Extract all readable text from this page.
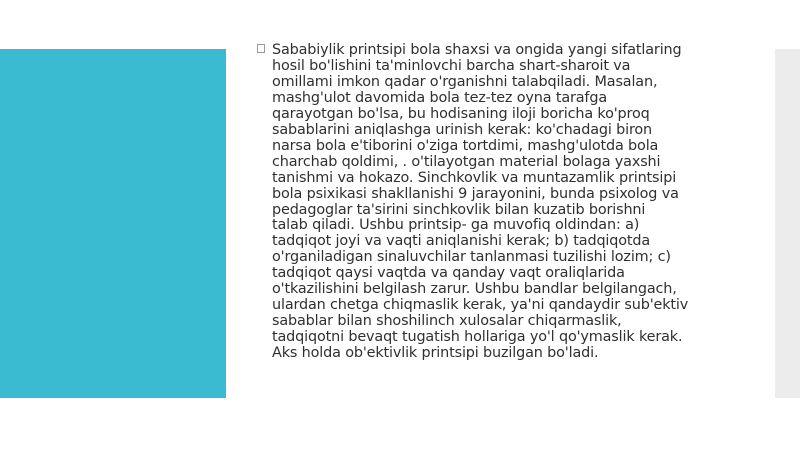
Sababiylik printsipi bola shaxsi va ongida yangi sifatlaring
hosil bo'lishini ta'minlovchi barcha shart-sharoit va
omillami imkon qadar o'rganishni talabqiladi. Masalan,
mashg'ulot davomida bola tez-tez oyna tarafga
qarayotgan bo'lsa, bu hodisaning iloji boricha ko'proq
sabablarini aniqlashga urinish kerak: ko'chadagi biron
narsa bola e'tiborini o'ziga tortdimi, mashg'ulotda bola
charchab qoldimi, . o'tilayotgan material bolaga yaxshi
tanishmi va hokazo. Sinchkovlik va muntazamlik printsipi
bola psixikasi shakllanishi 9 jarayonini, bunda psixolog va
pedagoglar ta'sirini sinchkovlik bilan kuzatib borishni
talab qiladi. Ushbu printsip- ga muvofiq oldindan: a)
tadqiqot joyi va vaqti aniqlanishi kerak; b) tadqiqotda
o'rganiladigan sinaluvchilar tanlanmasi tuzilishi lozim; c)
tadqiqot qaysi vaqtda va qanday vaqt oraliqlarida
o'tkazilishini belgilash zarur. Ushbu bandlar belgilangach,
ulardan chetga chiqmaslik kerak, ya'ni qandaydir sub'ektiv
sabablar bilan shoshilinch xulosalar chiqarmaslik,
tadqiqotni bevaqt tugatish hollariga yo'l qo'ymaslik kerak.
Aks holda ob'ektivlik printsipi buzilgan bo'ladi.
